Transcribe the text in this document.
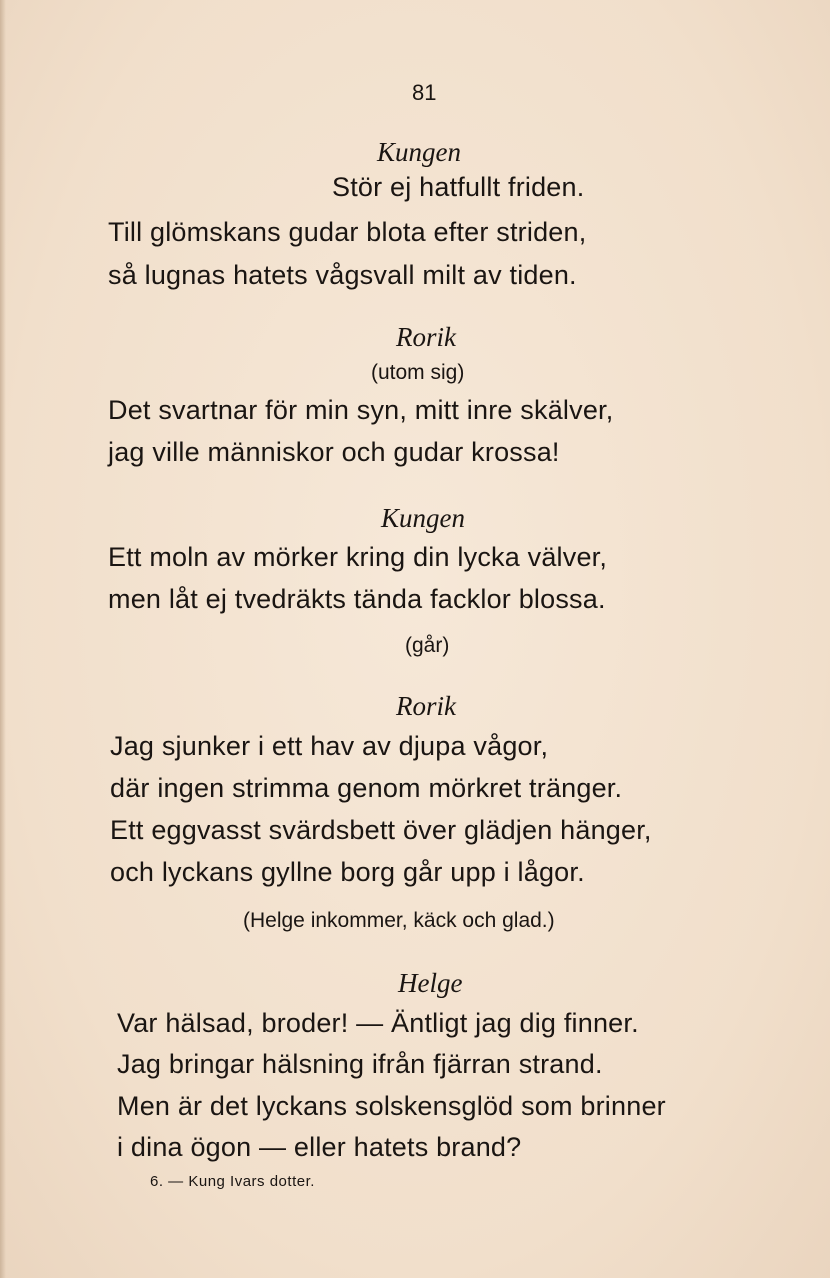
81
Kungen
Stör ej hatfullt friden.
Till glömskans gudar blota efter striden,
så lugnas hatets vågsvall milt av tiden.
Rorik
(utom sig)
Det svartnar för min syn, mitt inre skälver,
jag ville människor och gudar krossa!
Kungen
Ett moln av mörker kring din lycka välver,
men låt ej tvedräkts tända facklor blossa.
(går)
Rorik
Jag sjunker i ett hav av djupa vågor,
där ingen strimma genom mörkret tränger.
Ett eggvasst svärdsbett över glädjen hänger,
och lyckans gyllne borg går upp i lågor.
(Helge inkommer, käck och glad.)
Helge
Var hälsad, broder! — Äntligt jag dig finner.
Jag bringar hälsning ifrån fjärran strand.
Men är det lyckans solskensglöd som brinner
i dina ögon — eller hatets brand?
6. — Kung Ivars dotter.
